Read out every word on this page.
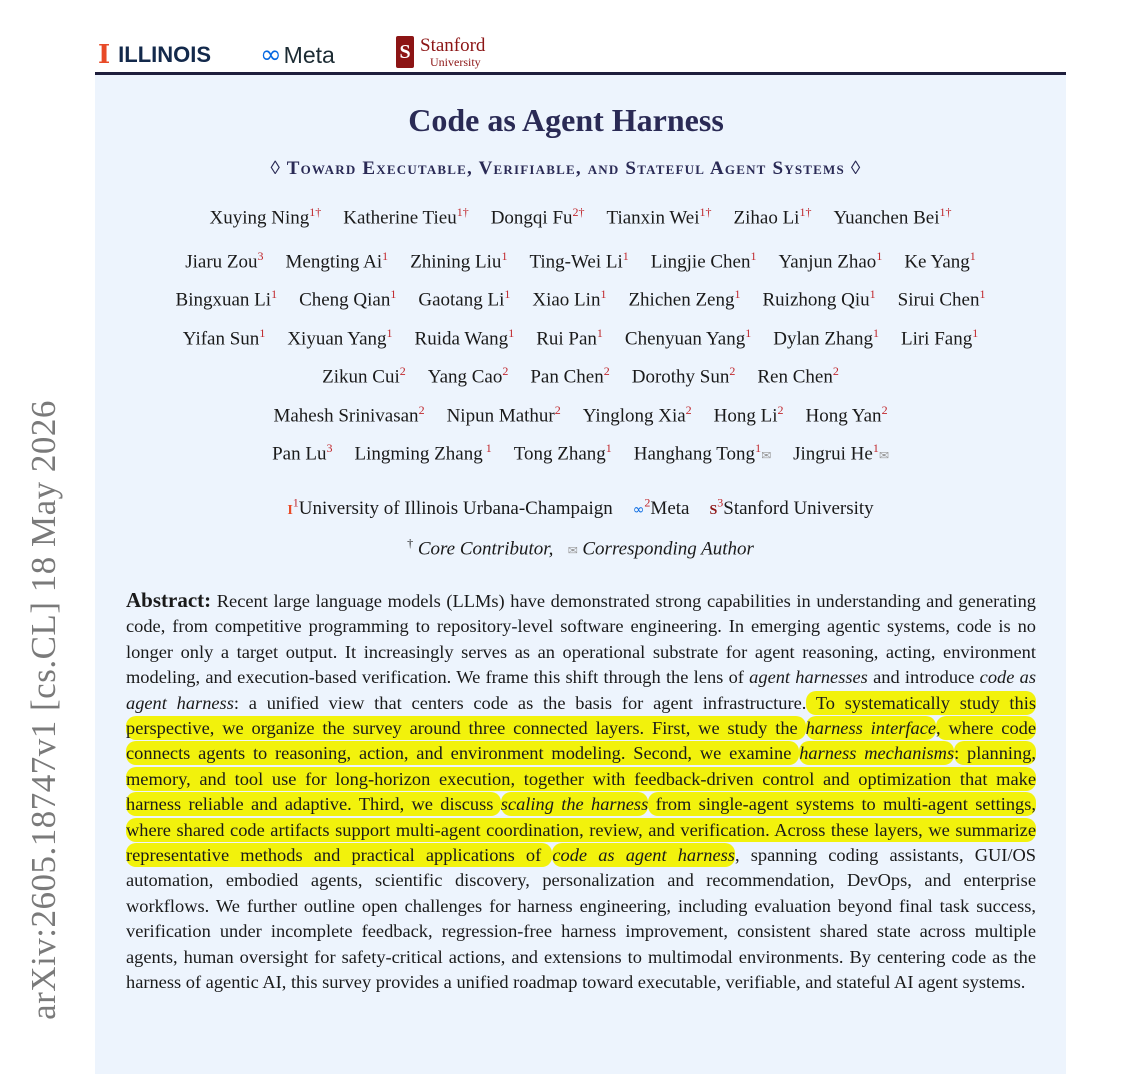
arXiv:2605.18747v1 [cs.CL] 18 May 2026
I ILLINOIS ∞ Meta	S Stanford
University
Code as Agent Harness
◊ Toward Executable, Verifiable, and Stateful Agent Systems ◊
Xuying Ning$^{1\dagger}$ Katherine Tieu$^{1\dagger}$ Dongqi $Fu^{2\dagger}$ Tianxin Wei$^{1\dagger}$ Zihao $Li^{1\dagger}$ Yuanchen Bei$^{1\dagger}$
Jiaru Zou$^3$ Mengting Ai$^1$ Zhining Liu$^1$ Ting-Wei Li$^1$ Lingjie Chen$^1$ Yanjun Zhao$^1$ Ke Yang$^1$
Bingxuan Li$^1$ Cheng Qian$^1$ Gaotang Li$^1$ Xiao Lin$^1$ Zhichen Zeng$^1$ Ruizhong Qiu$^1$ Sirui Chen$^1$
Yifan Sun$^1$ Xiyuan Yang$^1$ Ruida Wang$^1$ Rui Pan$^1$ Chenyuan Yang$^1$ Dylan Zhang$^1$ Liri Fang$^1$
Zikun Cui$^2$ Yang Cao$^2$ Pan Chen$^2$ Dorothy Sun$^2$ Ren Chen$^2$
Mahesh Srinivasan$^2$ Nipun Mathur$^2$ Yinglong Xia$^2$ Hong Li$^2$ Hong Yan$^2$
Pan Lu$^3$ Lingming Zhang $^1$ Tong Zhang$^1$ Hanghang Tong$^1$✉ Jingrui He$^1$✉
$I^1University$ of Illinois Urbana-Champaign ∞$^2$Meta $S^3Stanford$ University
† Core Contributor,   ✉ Corresponding Author
Abstract: Recent large language models (LLMs) have demonstrated strong capabilities in understanding and generating code, from competitive programming to repository-level software engineering. In emerging agentic systems, code is no longer only a target output. It increasingly serves as an operational substrate for agent reasoning, acting, environment modeling, and execution-based verification. We frame this shift through the lens of agent harnesses and introduce code as agent harness: a unified view that centers code as the basis for agent infrastructure. To systematically study this perspective, we organize the survey around three connected layers. First, we study the harness interface, where code connects agents to reasoning, action, and environment modeling. Second, we examine harness mechanisms: planning, memory, and tool use for long-horizon execution, together with feedback-driven control and optimization that make harness reliable and adaptive. Third, we discuss scaling the harness from single-agent systems to multi-agent settings, where shared code artifacts support multi-agent coordination, review, and verification. Across these layers, we summarize representative methods and practical applications of code as agent harness, spanning coding assistants, GUI/OS automation, embodied agents, scientific discovery, personalization and recommendation, DevOps, and enterprise workflows. We further outline open challenges for harness engineering, including evaluation beyond final task success, verification under incomplete feedback, regression-free harness improvement, consistent shared state across multiple agents, human oversight for safety-critical actions, and extensions to multimodal environments. By centering code as the harness of agentic AI, this survey provides a unified roadmap toward executable, verifiable, and stateful AI agent systems.
